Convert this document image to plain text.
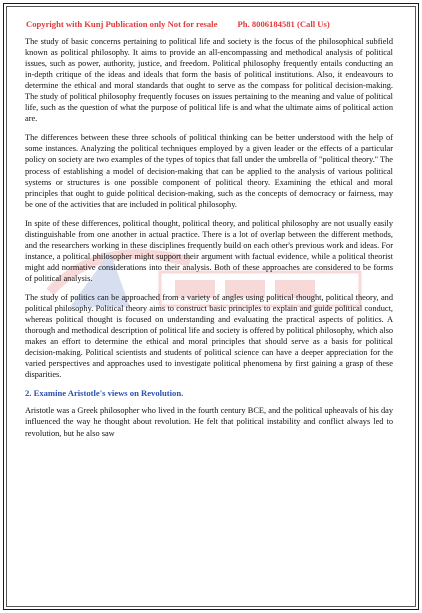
Copyright with Kunj Publication only Not for resale Ph. 8006184581 (Call Us)

The study of basic concerns pertaining to political life and society is the focus of the philosophical subfield known as political philosophy. It aims to provide an all-encompassing and methodical analysis of political issues, such as power, authority, justice, and freedom. Political philosophy frequently entails conducting an in-depth critique of the ideas and ideals that form the basis of political institutions. Also, it endeavours to determine the ethical and moral standards that ought to serve as the compass for political decision-making. The study of political philosophy frequently focuses on issues pertaining to the meaning and value of political life, such as the question of what the purpose of political life is and what the ultimate aims of political action are.

The differences between these three schools of political thinking can be better understood with the help of some instances. Analyzing the political techniques employed by a given leader or the effects of a particular policy on society are two examples of the types of topics that fall under the umbrella of "political theory." The process of establishing a model of decision-making that can be applied to the analysis of various political systems or structures is one possible component of political theory. Examining the ethical and moral principles that ought to guide political decision-making, such as the concepts of democracy or fairness, may be one of the activities that are included in political philosophy.

In spite of these differences, political thought, political theory, and political philosophy are not usually easily distinguishable from one another in actual practice. There is a lot of overlap between the different methods, and the researchers working in these disciplines frequently build on each other's previous work and ideas. For instance, a political philosopher might support their argument with factual evidence, while a political theorist might add normative considerations into their analysis. Both of these approaches are considered to be forms of political analysis.

The study of politics can be approached from a variety of angles using political thought, political theory, and political philosophy. Political theory aims to construct basic principles to explain and guide political conduct, whereas political thought is focused on understanding and evaluating the practical aspects of politics. A thorough and methodical description of political life and society is offered by political philosophy, which also makes an effort to determine the ethical and moral principles that should serve as a basis for political decision-making. Political scientists and students of political science can have a deeper appreciation for the varied perspectives and approaches used to investigate political phenomena by first gaining a grasp of these disparities.

2. Examine Aristotle's views on Revolution.

Aristotle was a Greek philosopher who lived in the fourth century BCE, and the political upheavals of his day influenced the way he thought about revolution. He felt that political instability and conflict always led to revolution, but he also saw
